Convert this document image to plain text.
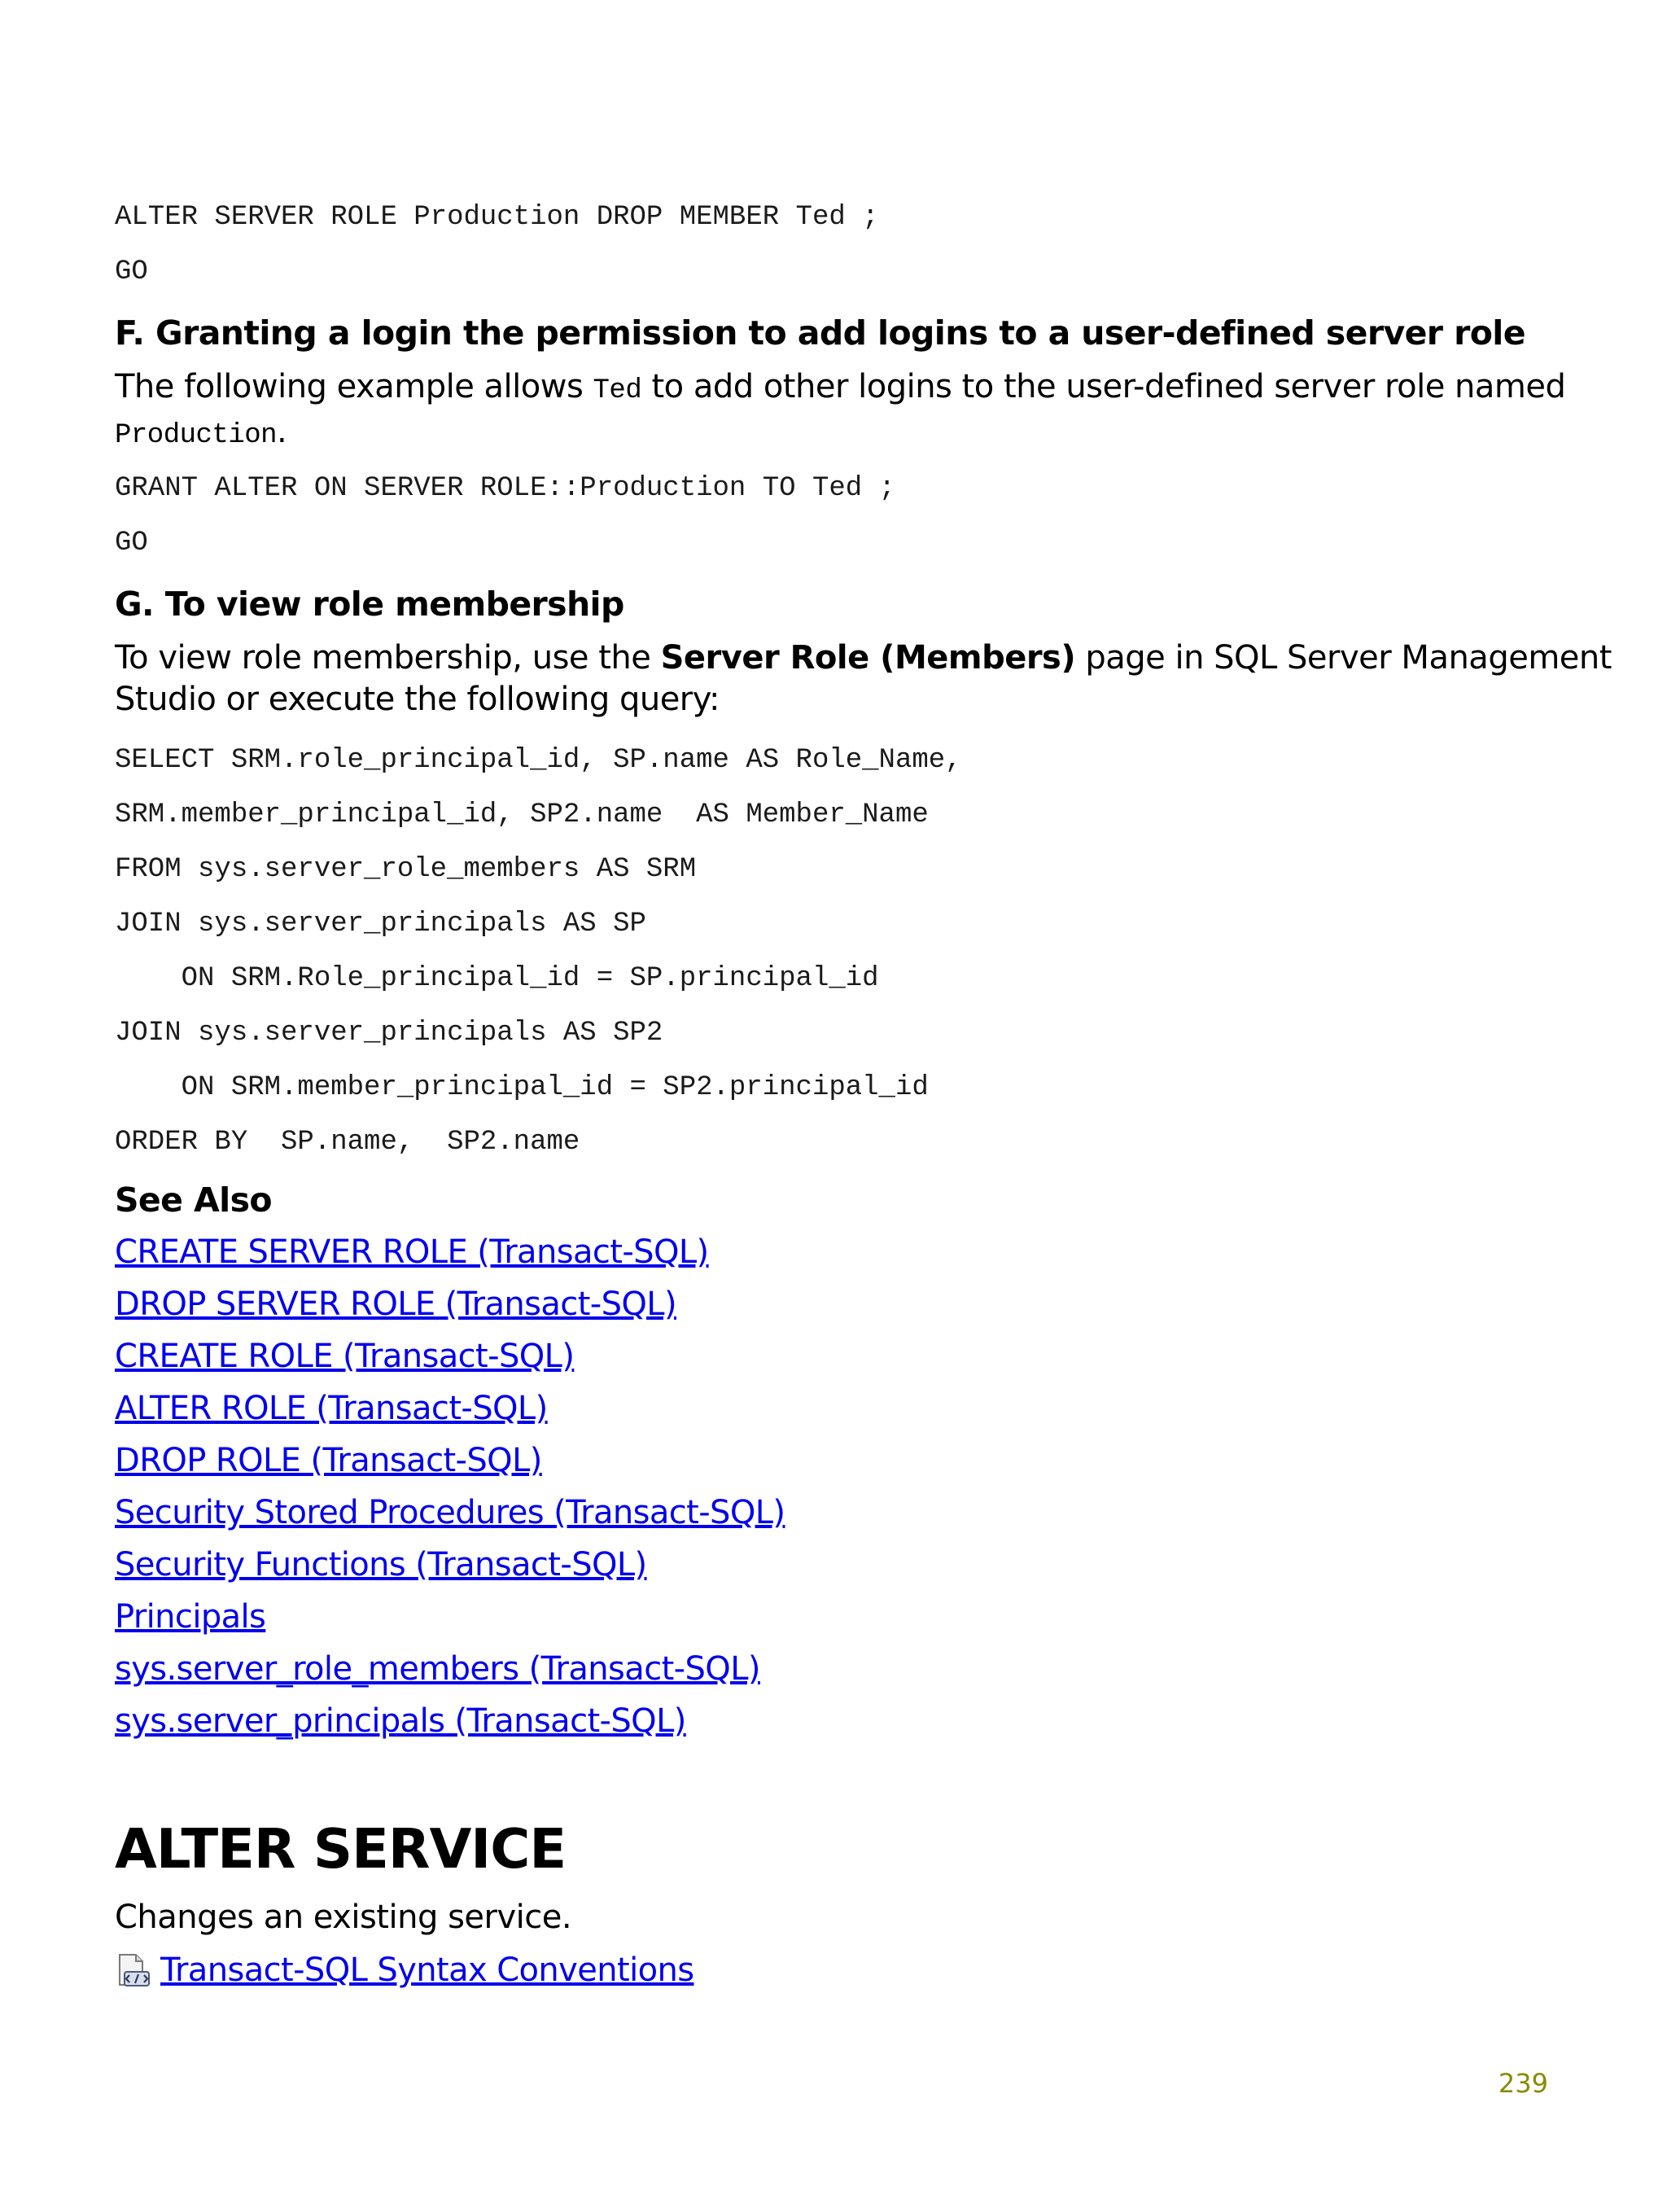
ALTER SERVER ROLE Production DROP MEMBER Ted ;
GO
F. Granting a login the permission to add logins to a user-defined server role
The following example allows Ted to add other logins to the user-defined server role named
Production.
GRANT ALTER ON SERVER ROLE::Production TO Ted ;
GO
G. To view role membership
To view role membership, use the Server Role (Members) page in SQL Server Management
Studio or execute the following query:
SELECT SRM.role_principal_id, SP.name AS Role_Name,
SRM.member_principal_id, SP2.name  AS Member_Name
FROM sys.server_role_members AS SRM
JOIN sys.server_principals AS SP
ON SRM.Role_principal_id = SP.principal_id
JOIN sys.server_principals AS SP2
ON SRM.member_principal_id = SP2.principal_id
ORDER BY  SP.name,  SP2.name
See Also
CREATE SERVER ROLE (Transact-SQL)
DROP SERVER ROLE (Transact-SQL)
CREATE ROLE (Transact-SQL)
ALTER ROLE (Transact-SQL)
DROP ROLE (Transact-SQL)
Security Stored Procedures (Transact-SQL)
Security Functions (Transact-SQL)
Principals
sys.server_role_members (Transact-SQL)
sys.server_principals (Transact-SQL)
ALTER SERVICE
Changes an existing service.
Transact-SQL Syntax Conventions
239
